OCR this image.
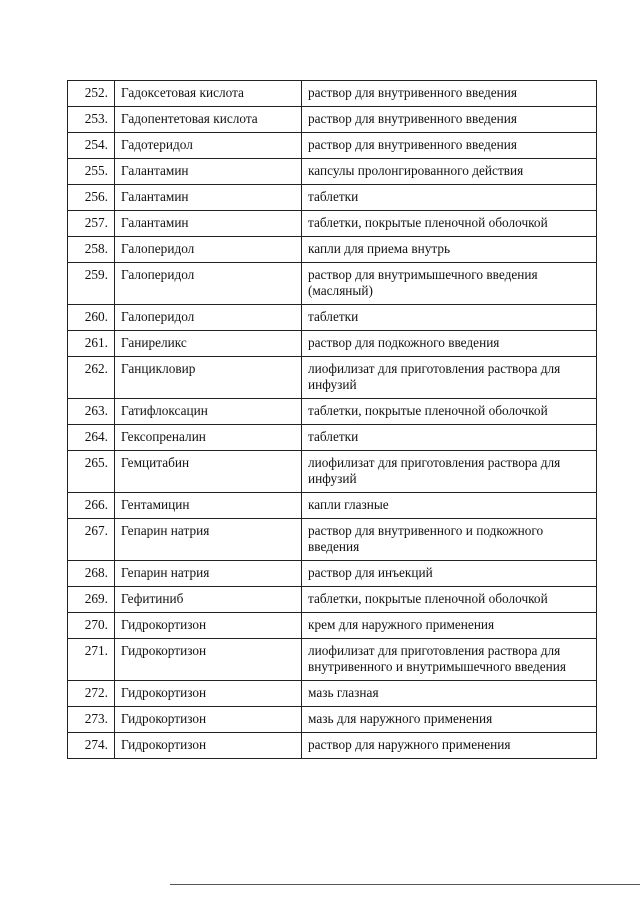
252.	Гадоксетовая кислота	раствор для внутривенного введения
253.	Гадопентетовая кислота	раствор для внутривенного введения
254.	Гадотеридол	раствор для внутривенного введения
255.	Галантамин	капсулы пролонгированного действия
256.	Галантамин	таблетки
257.	Галантамин	таблетки, покрытые пленочной оболочкой
258.	Галоперидол	капли для приема внутрь
259.	Галоперидол	раствор для внутримышечного введения (масляный)
260.	Галоперидол	таблетки
261.	Ганиреликс	раствор для подкожного введения
262.	Ганцикловир	лиофилизат для приготовления раствора для инфузий
263.	Гатифлоксацин	таблетки, покрытые пленочной оболочкой
264.	Гексопреналин	таблетки
265.	Гемцитабин	лиофилизат для приготовления раствора для инфузий
266.	Гентамицин	капли глазные
267.	Гепарин натрия	раствор для внутривенного и подкожного введения
268.	Гепарин натрия	раствор для инъекций
269.	Гефитиниб	таблетки, покрытые пленочной оболочкой
270.	Гидрокортизон	крем для наружного применения
271.	Гидрокортизон	лиофилизат для приготовления раствора для внутривенного и внутримышечного введения
272.	Гидрокортизон	мазь глазная
273.	Гидрокортизон	мазь для наружного применения
274.	Гидрокортизон	раствор для наружного применения
